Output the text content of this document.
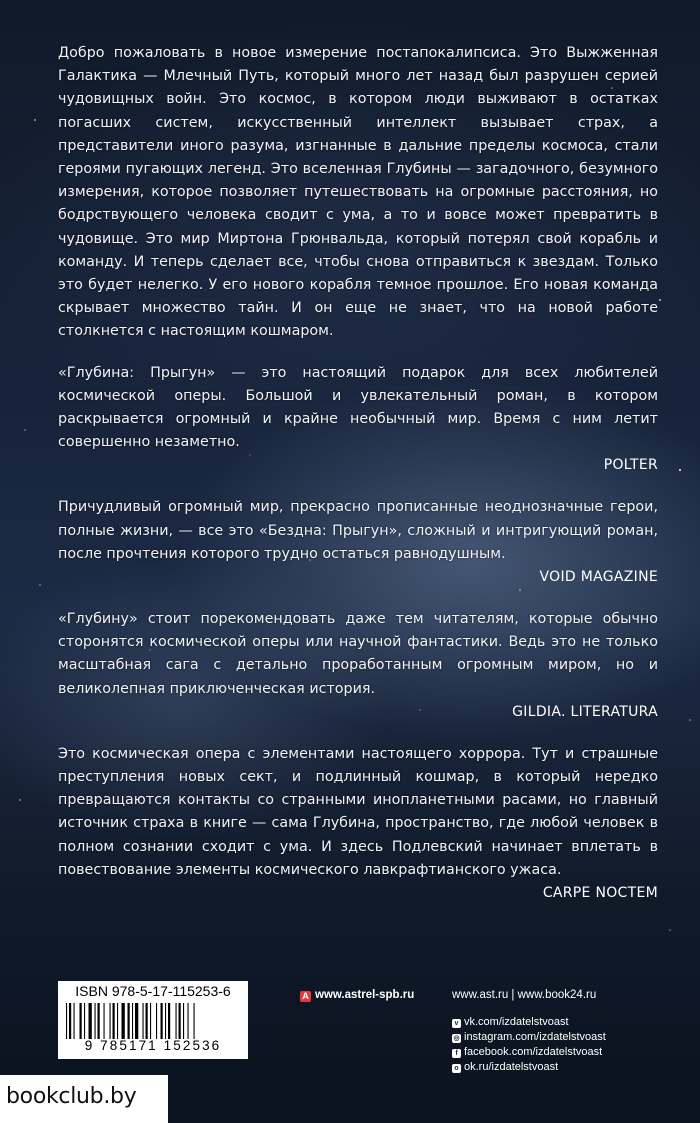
Добро пожаловать в новое измерение постапокалипсиса. Это Выжженная Галактика — Млечный Путь, который много лет назад был разрушен серией чудовищных войн. Это космос, в котором люди выживают в остатках погасших систем, искусственный интеллект вызывает страх, а представители иного разума, изгнанные в дальние пределы космоса, стали героями пугающих легенд. Это вселенная Глубины — загадочного, безумного измерения, которое позволяет путешествовать на огромные расстояния, но бодрствующего человека сводит с ума, а то и вовсе может превратить в чудовище. Это мир Миртона Грюнвальда, который потерял свой корабль и команду. И теперь сделает все, чтобы снова отправиться к звездам. Только это будет нелегко. У его нового корабля темное прошлое. Его новая команда скрывает множество тайн. И он еще не знает, что на новой работе столкнется с настоящим кошмаром.

«Глубина: Прыгун» — это настоящий подарок для всех любителей космической оперы. Большой и увлекательный роман, в котором раскрывается огромный и крайне необычный мир. Время с ним летит совершенно незаметно.

POLTER

Причудливый огромный мир, прекрасно прописанные неоднозначные герои, полные жизни, — все это «Бездна: Прыгун», сложный и интригующий роман, после прочтения которого трудно остаться равнодушным.

VOID MAGAZINE

«Глубину» стоит порекомендовать даже тем читателям, которые обычно сторонятся космической оперы или научной фантастики. Ведь это не только масштабная сага с детально проработанным огромным миром, но и великолепная приключенческая история.

GILDIA. LITERATURA

Это космическая опера с элементами настоящего хоррора. Тут и страшные преступления новых сект, и подлинный кошмар, в который нередко превращаются контакты со странными инопланетными расами, но главный источник страха в книге — сама Глубина, пространство, где любой человек в полном сознании сходит с ума. И здесь Подлевский начинает вплетать в повествование элементы космического лавкрафтианского ужаса.

CARPE NOCTEM

ISBN 978-5-17-115253-6
9 785171 152536
A www.astrel-spb.ru	www.ast.ru | www.book24.ru
v vk.com/izdatelstvoast
◎ instagram.com/izdatelstvoast
f facebook.com/izdatelstvoast
o ok.ru/izdatelstvoast
bookclub.by
